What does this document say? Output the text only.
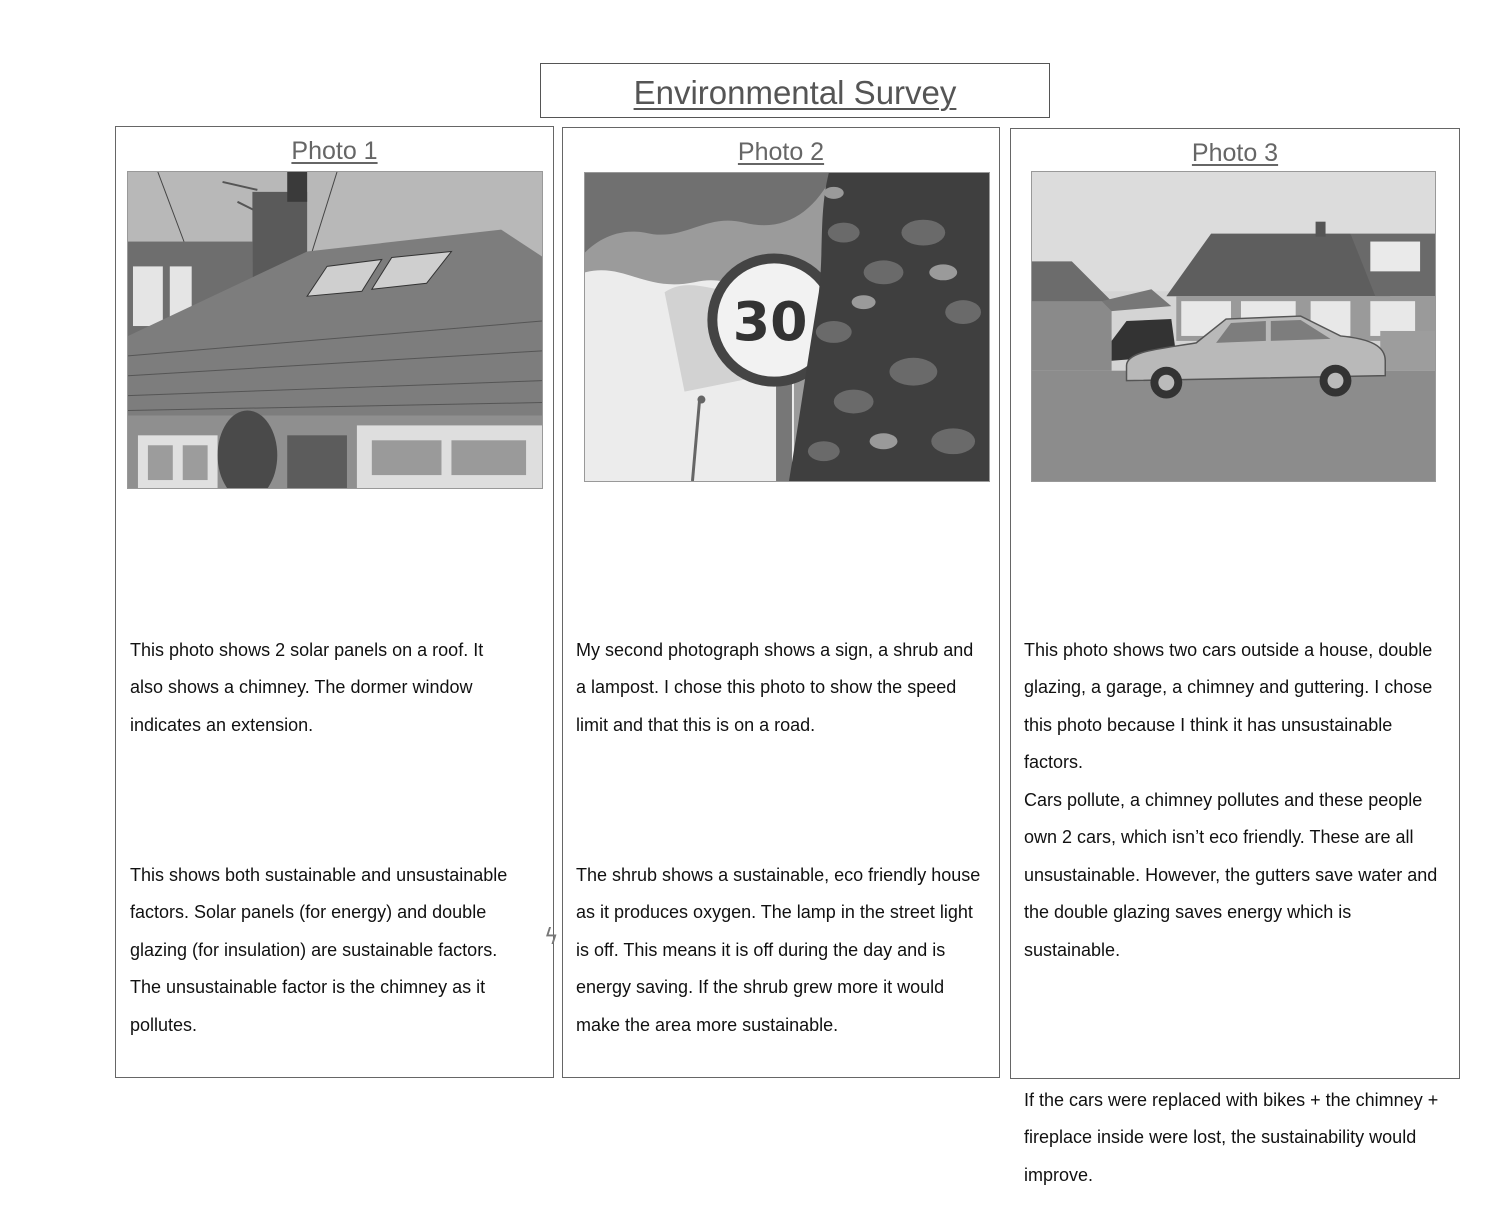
Environmental Survey
Photo 1

This photo shows 2 solar panels on a roof. It
also shows a chimney. The dormer window
indicates an extension.

This shows both sustainable and unsustainable
factors. Solar panels (for energy) and double
glazing (for insulation) are sustainable factors.
The unsustainable factor is the chimney as it
pollutes.

Photo 2
30

My second photograph shows a sign, a shrub and
a lampost. I chose this photo to show the speed
limit and that this is on a road.

The shrub shows a sustainable, eco friendly house
as it produces oxygen. The lamp in the street light
is off. This means it is off during the day and is
energy saving. If the shrub grew more it would
make the area more sustainable.

Photo 3

This photo shows two cars outside a house, double
glazing, a garage, a chimney and guttering. I chose
this photo because I think it has unsustainable
factors.
Cars pollute, a chimney pollutes and these people
own 2 cars, which isn’t eco friendly. These are all
unsustainable. However, the gutters save water and
the double glazing saves energy which is
sustainable.

If the cars were replaced with bikes + the chimney +
fireplace inside were lost, the sustainability would
improve.

ϟ
